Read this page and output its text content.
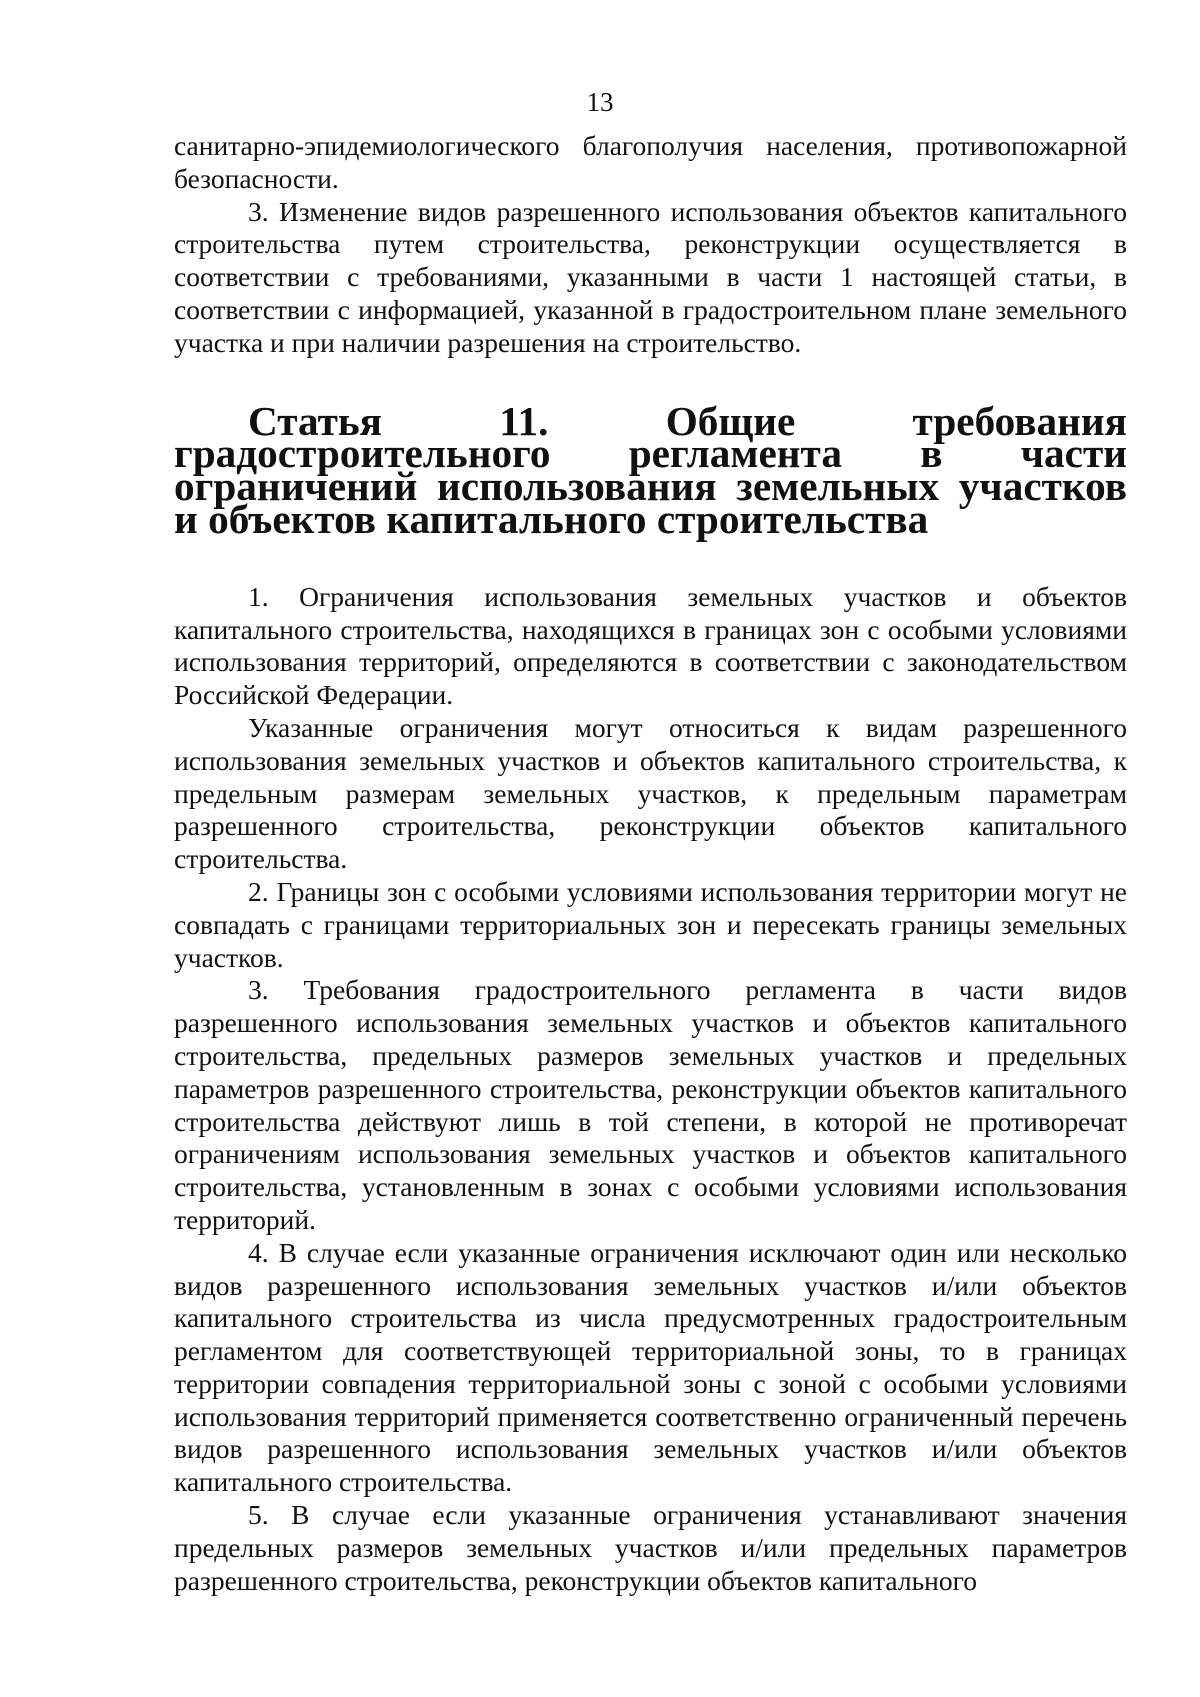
13

санитарно-эпидемиологического благополучия населения, противопожарной безопасности.

3. Изменение видов разрешенного использования объектов капитального строительства путем строительства, реконструкции осуществляется в соответствии с требованиями, указанными в части 1 настоящей статьи, в соответствии с информацией, указанной в градостроительном плане земельного участка и при наличии разрешения на строительство.

Статья 11. Общие требования градостроительного регламента в части ограничений использования земельных участков и объектов капитального строительства

1. Ограничения использования земельных участков и объектов капитального строительства, находящихся в границах зон с особыми условиями использования территорий, определяются в соответствии с законодательством Российской Федерации.

Указанные ограничения могут относиться к видам разрешенного использования земельных участков и объектов капитального строительства, к предельным размерам земельных участков, к предельным параметрам разрешенного строительства, реконструкции объектов капитального строительства.

2. Границы зон с особыми условиями использования территории могут не совпадать с границами территориальных зон и пересекать границы земельных участков.

3. Требования градостроительного регламента в части видов разрешенного использования земельных участков и объектов капитального строительства, предельных размеров земельных участков и предельных параметров разрешенного строительства, реконструкции объектов капитального строительства действуют лишь в той степени, в которой не противоречат ограничениям использования земельных участков и объектов капитального строительства, установленным в зонах с особыми условиями использования территорий.

4. В случае если указанные ограничения исключают один или несколько видов разрешенного использования земельных участков и/или объектов капитального строительства из числа предусмотренных градостроительным регламентом для соответствующей территориальной зоны, то в границах территории совпадения территориальной зоны с зоной с особыми условиями использования территорий применяется соответственно ограниченный перечень видов разрешенного использования земельных участков и/или объектов капитального строительства.

5. В случае если указанные ограничения устанавливают значения предельных размеров земельных участков и/или предельных параметров разрешенного строительства, реконструкции объектов капитального
